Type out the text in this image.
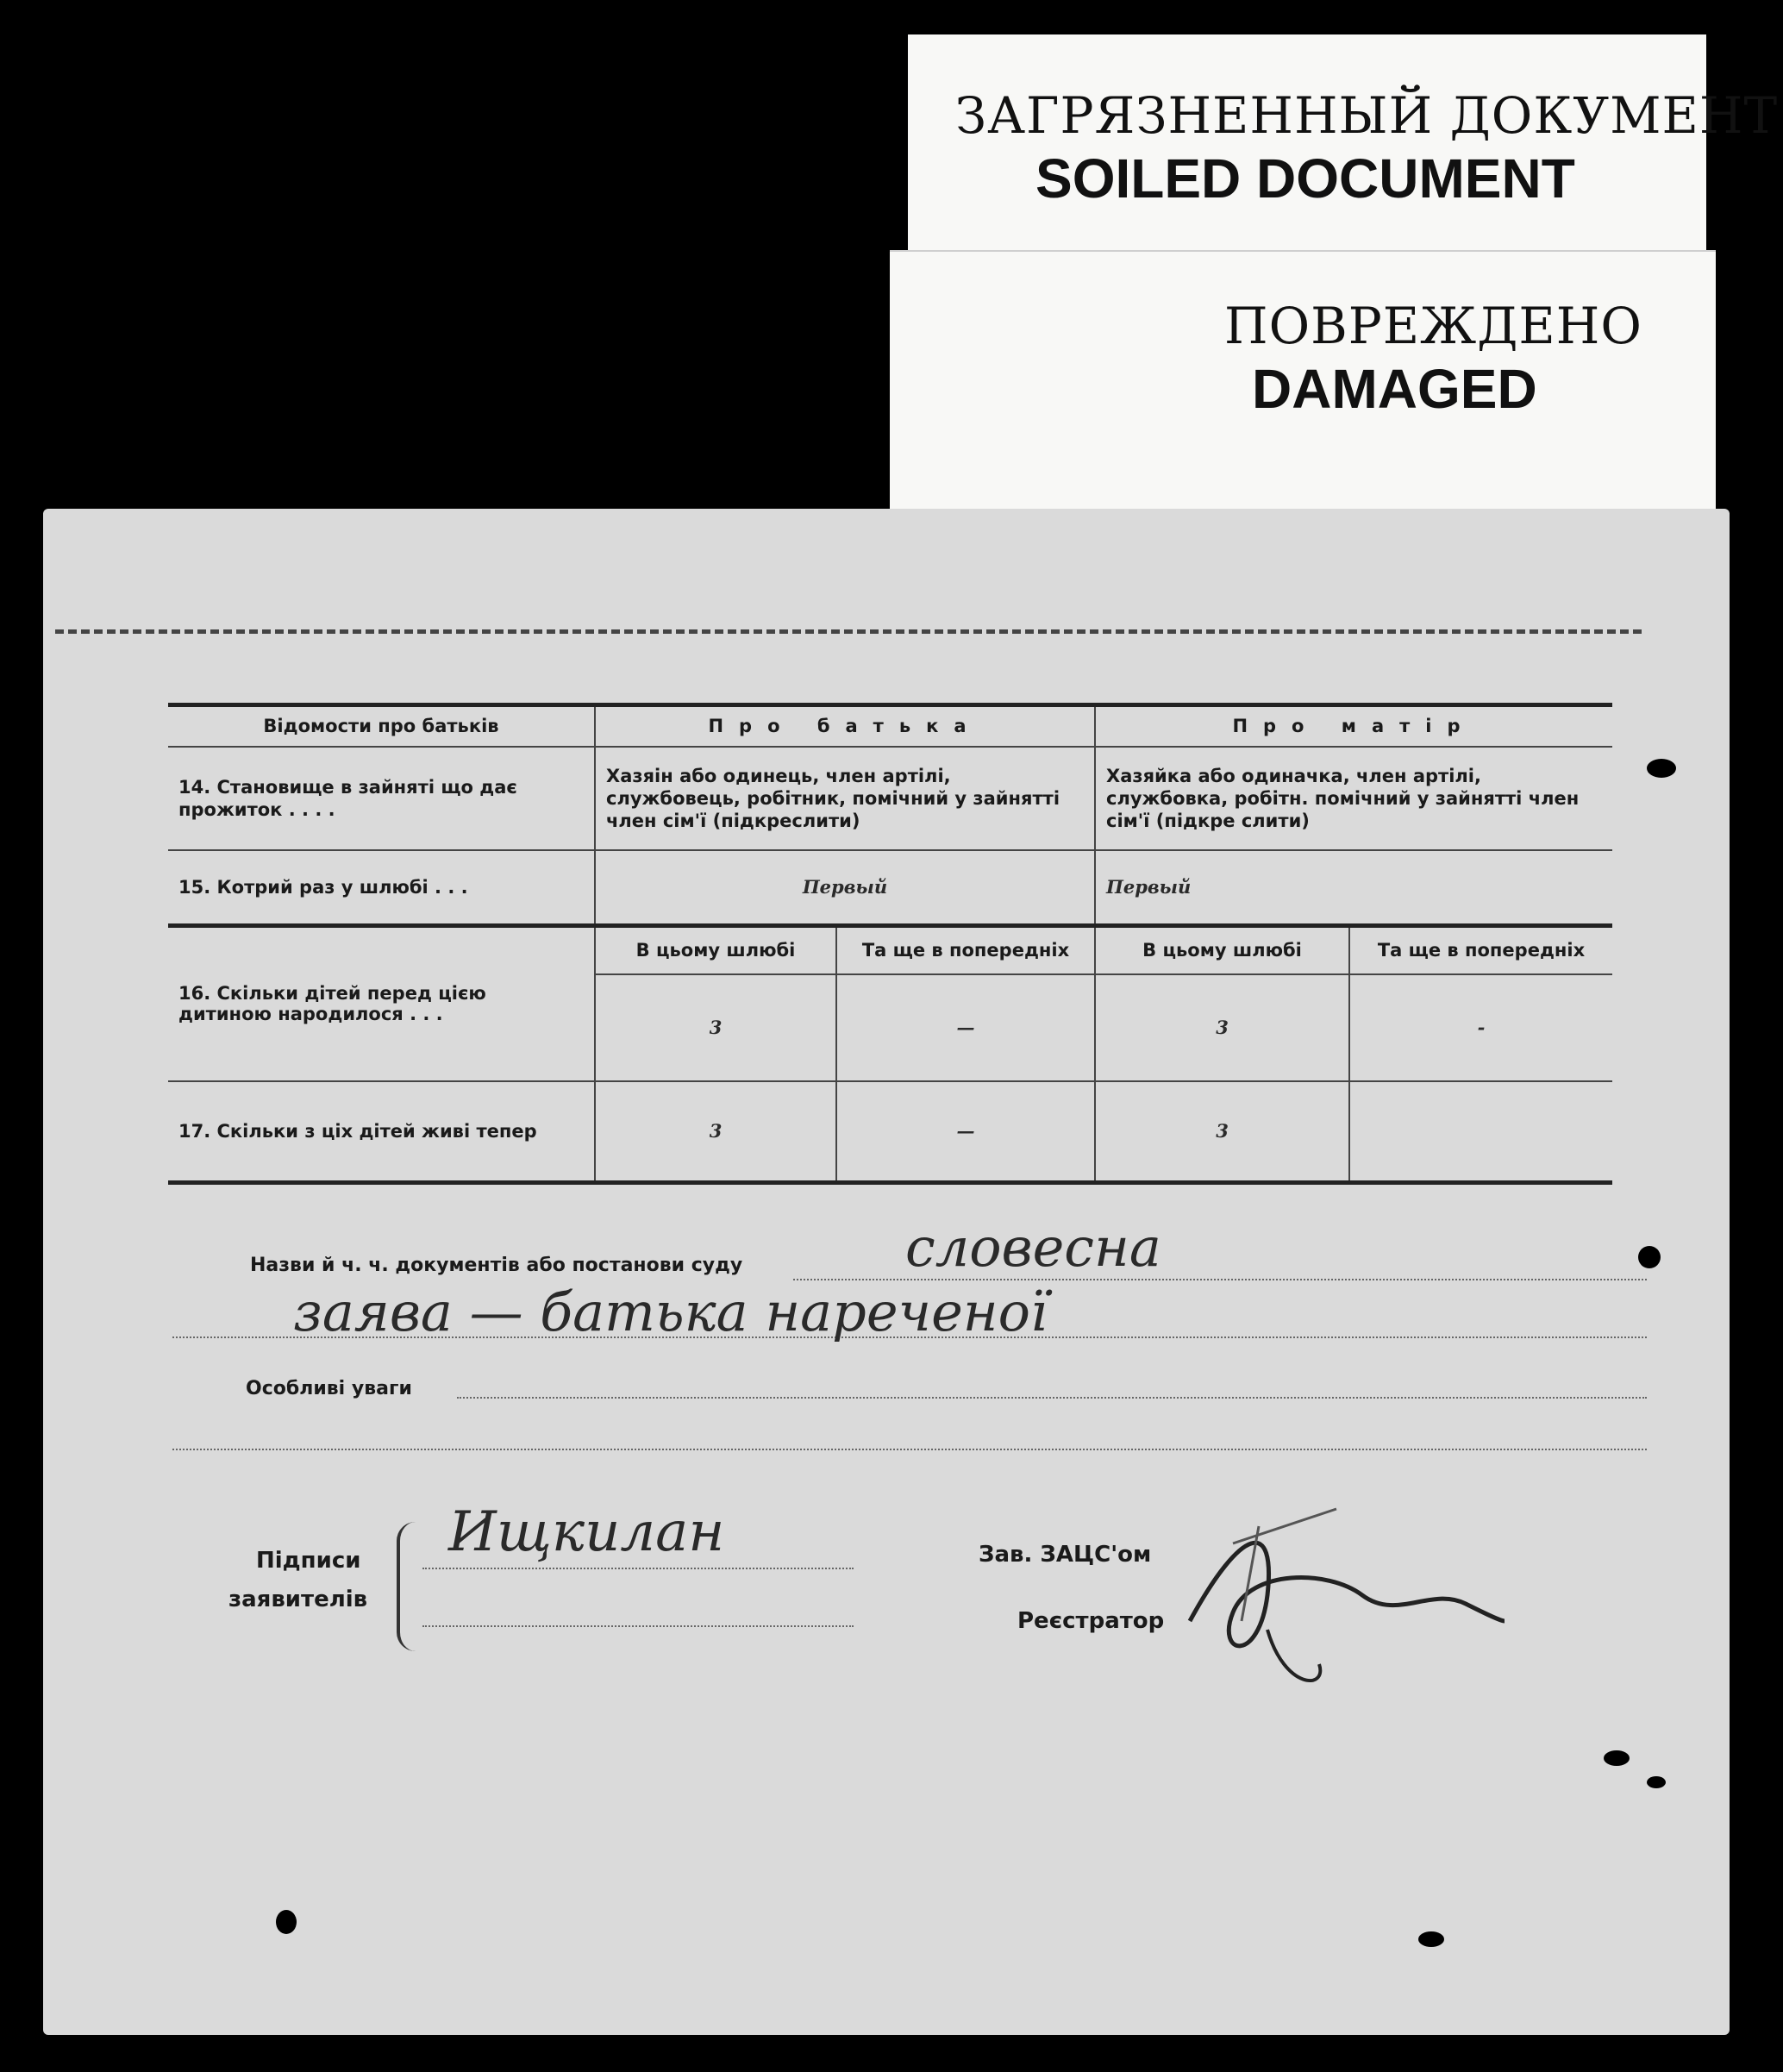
ЗАГРЯЗНЕННЫЙ ДОКУМЕНТ
SOILED DOCUMENT
ПОВРЕЖДЕНО
DAMAGED
Відомости про батьків	Про батька		Про матір	
14. Становище в зайняті що дає прожиток . . . .	Хазяін або одинець, член артілі, службовець, робітник, помічний у зайнятті член сім'ї (підкреслити)		Хазяйка або одиначка, член артілі, службовка, робітн. помічний у зайнятті член сім'ї (підкре слити)	
15. Котрий раз у шлюбі . . .	Первый		Первый	
16. Скільки дітей перед цією дитиною народилося . . .	В цьому шлюбі	Та ще в попередніх	В цьому шлюбі	Та ще в попередніх
	3	—	3	-
17. Скільки з ціх дітей живі тепер	3	—	3	
Назви й ч. ч. документів або постанови суду	словесна
заява — батька нареченої
Особливі уваги
Підписи
заявителів
Ищкилан	Зав. ЗАЦС'ом
Реєстратор
